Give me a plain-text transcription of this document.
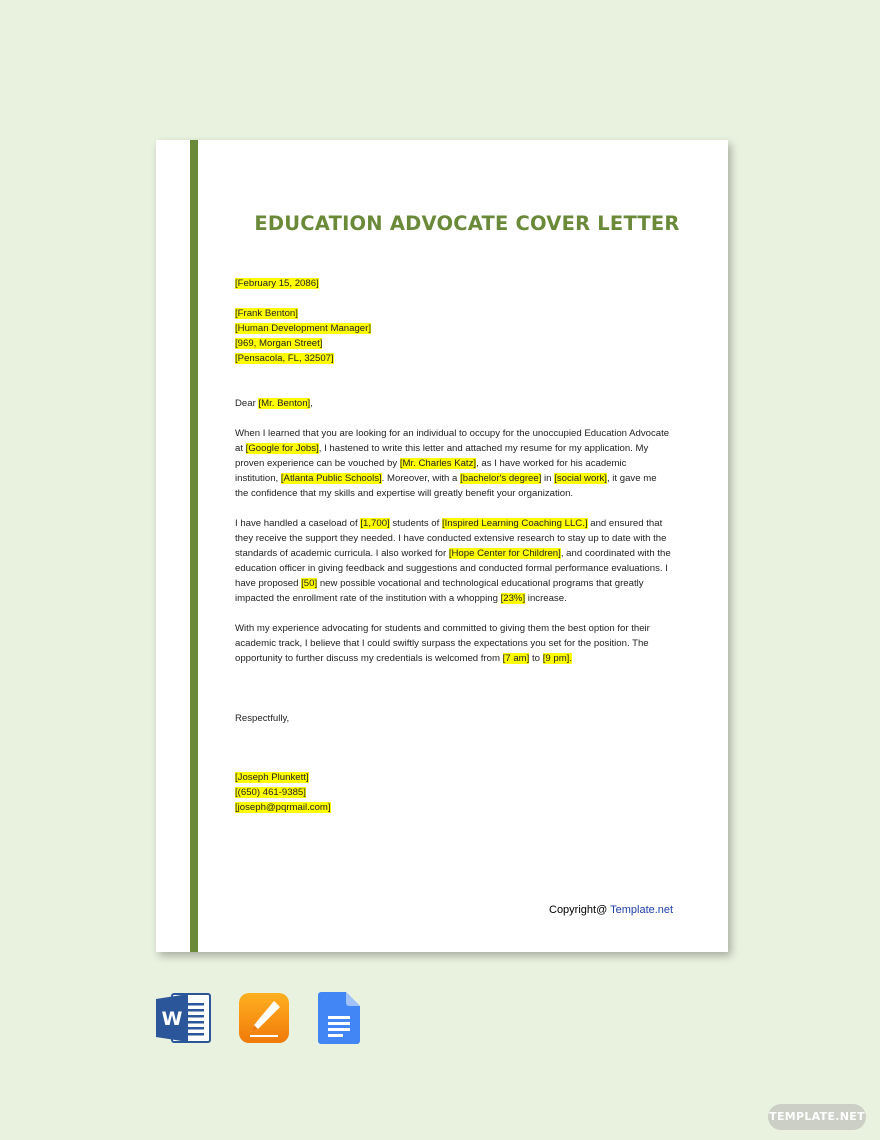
EDUCATION ADVOCATE COVER LETTER

[February 15, 2086]

[Frank Benton]
[Human Development Manager]
[969, Morgan Street]
[Pensacola, FL, 32507]

Dear [Mr. Benton],

When I learned that you are looking for an individual to occupy for the unoccupied Education Advocate at [Google for Jobs], I hastened to write this letter and attached my resume for my application. My proven experience can be vouched by [Mr. Charles Katz], as I have worked for his academic institution, [Atlanta Public Schools]. Moreover, with a [bachelor's degree] in [social work], it gave me the confidence that my skills and expertise will greatly benefit your organization.

I have handled a caseload of [1,700] students of [Inspired Learning Coaching LLC.] and ensured that they receive the support they needed. I have conducted extensive research to stay up to date with the standards of academic curricula. I also worked for [Hope Center for Children], and coordinated with the education officer in giving feedback and suggestions and conducted formal performance evaluations. I have proposed [50] new possible vocational and technological educational programs that greatly impacted the enrollment rate of the institution with a whopping [23%] increase.

With my experience advocating for students and committed to giving them the best option for their academic track, I believe that I could swiftly surpass the expectations you set for the position. The opportunity to further discuss my credentials is welcomed from [7 am] to [9 pm].

Respectfully,

[Joseph Plunkett]
[(650) 461-9385]
[joseph@pqrmail.com]

Copyright@ Template.net
W
TEMPLATE.NET
